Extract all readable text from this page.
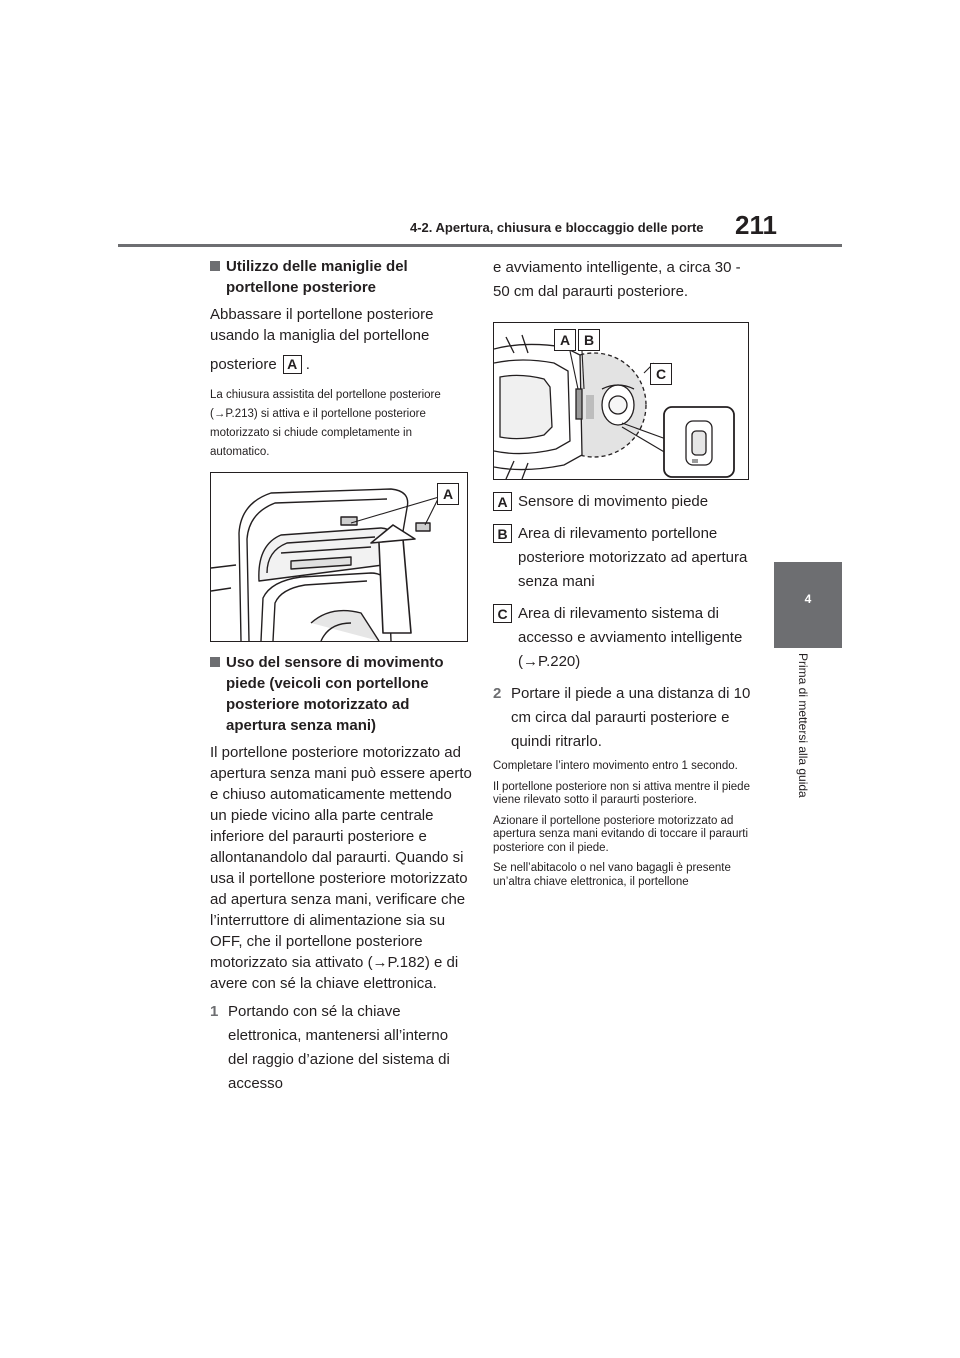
4-2. Apertura, chiusura e bloccaggio delle porte 211
4
Prima di mettersi alla guida
Utilizzo delle maniglie del portellone posteriore
Abbassare il portellone posteriore usando la maniglia del portellone
posteriore A .
La chiusura assistita del portellone posteriore (→P.213) si attiva e il portellone posteriore motorizzato si chiude completamente in automatico.
A
Uso del sensore di movimento piede (veicoli con portellone posteriore motorizzato ad apertura senza mani)
Il portellone posteriore motorizzato ad apertura senza mani può essere aperto e chiuso automaticamente mettendo un piede vicino alla parte centrale inferiore del paraurti posteriore e allontanandolo dal paraurti. Quando si usa il portellone posteriore motorizzato ad apertura senza mani, verificare che l’interruttore di alimentazione sia su OFF, che il portellone posteriore motorizzato sia attivato (→P.182) e di avere con sé la chiave elettronica.
1 Portando con sé la chiave elettronica, mantenersi all’interno del raggio d’azione del sistema di accesso
e avviamento intelligente, a circa 30 - 50 cm dal paraurti posteriore.
A B
C
A Sensore di movimento piede
B Area di rilevamento portellone posteriore motorizzato ad apertura senza mani
C Area di rilevamento sistema di accesso e avviamento intelligente (→P.220)
2 Portare il piede a una distanza di 10 cm circa dal paraurti posteriore e quindi ritrarlo.
Completare l’intero movimento entro 1 secondo.
Il portellone posteriore non si attiva mentre il piede viene rilevato sotto il paraurti posteriore.
Azionare il portellone posteriore motorizzato ad apertura senza mani evitando di toccare il paraurti posteriore con il piede.
Se nell’abitacolo o nel vano bagagli è presente un’altra chiave elettronica, il portellone
